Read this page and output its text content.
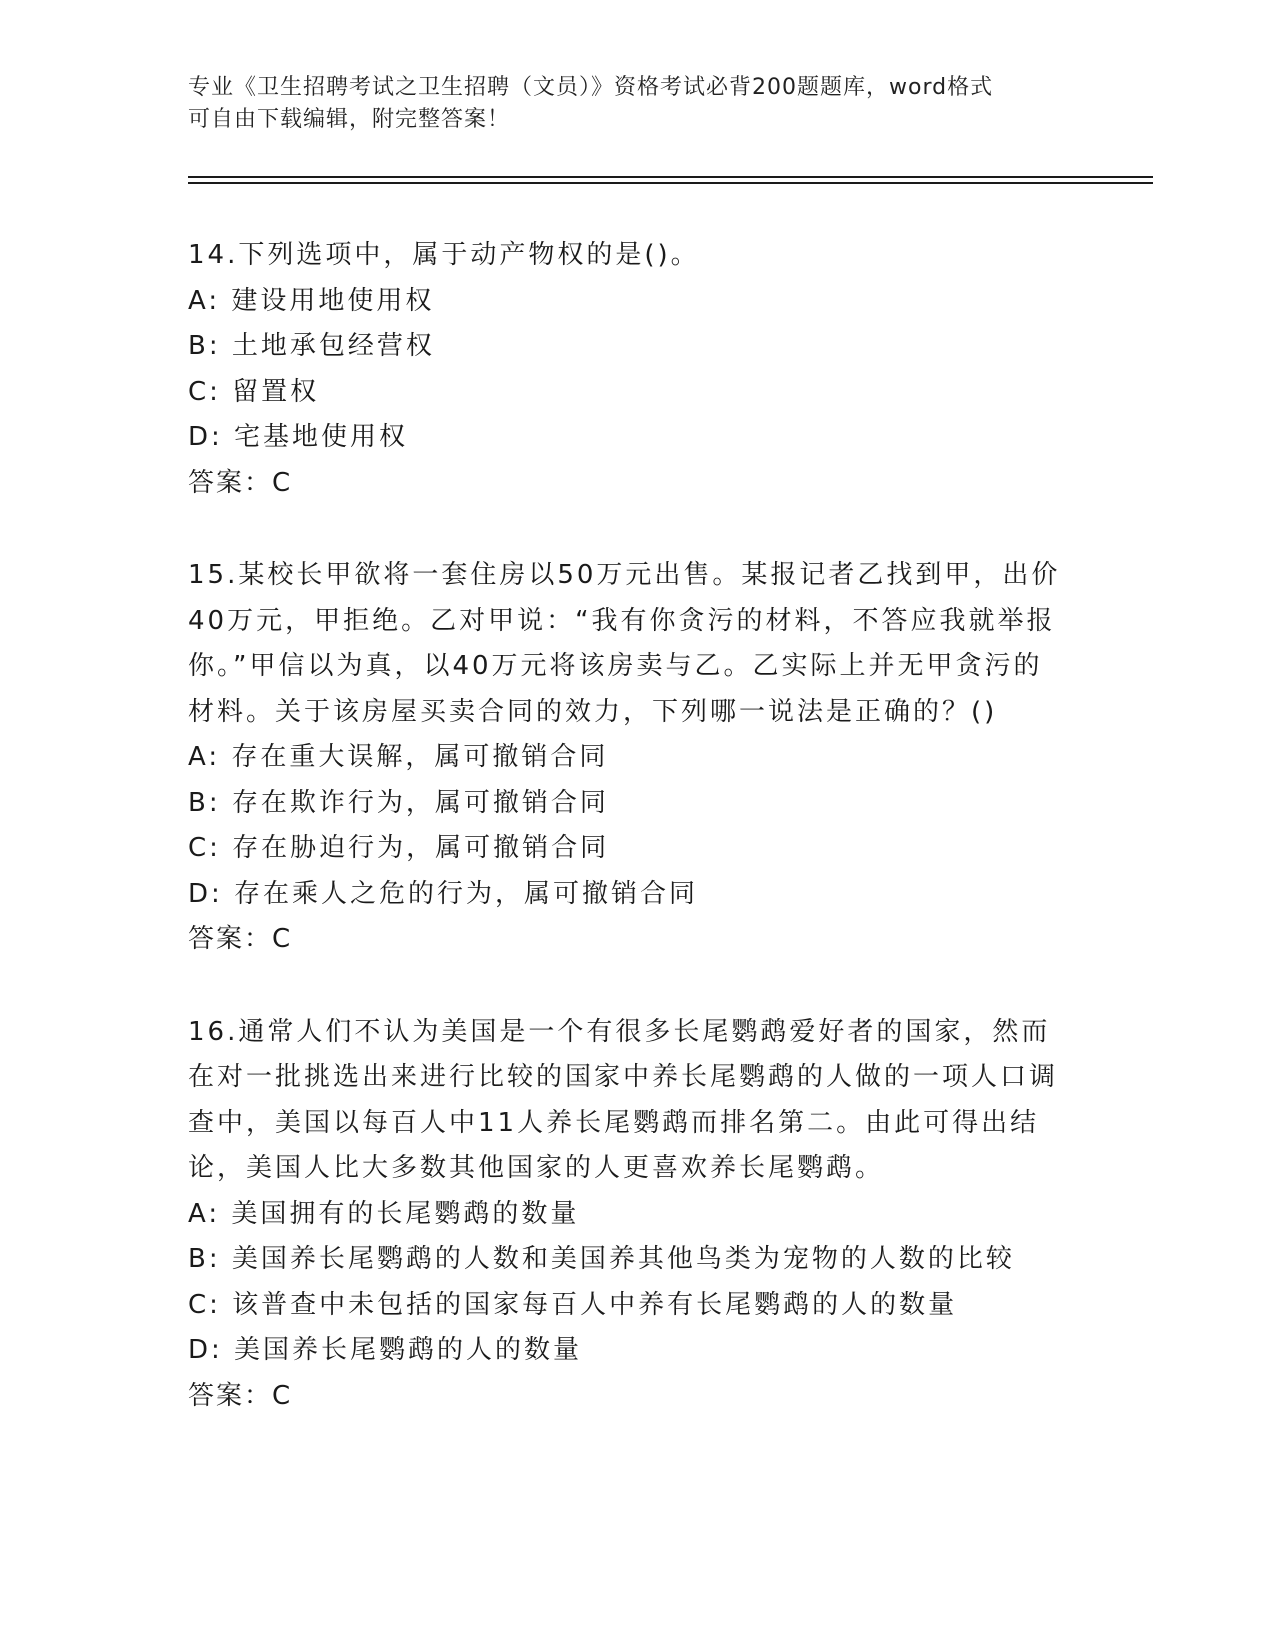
专业《卫生招聘考试之卫生招聘（文员）》资格考试必背200题题库，word格式
可自由下载编辑，附完整答案！

14.下列选项中，属于动产物权的是()。

A: 建设用地使用权

B: 土地承包经营权

C: 留置权

D: 宅基地使用权

答案：C

15.某校长甲欲将一套住房以50万元出售。某报记者乙找到甲，出价40万元，甲拒绝。乙对甲说：“我有你贪污的材料，不答应我就举报你。”甲信以为真，以40万元将该房卖与乙。乙实际上并无甲贪污的材料。关于该房屋买卖合同的效力，下列哪一说法是正确的？()

A: 存在重大误解，属可撤销合同

B: 存在欺诈行为，属可撤销合同

C: 存在胁迫行为，属可撤销合同

D: 存在乘人之危的行为，属可撤销合同

答案：C

16.通常人们不认为美国是一个有很多长尾鹦鹉爱好者的国家，然而在对一批挑选出来进行比较的国家中养长尾鹦鹉的人做的一项人口调查中，美国以每百人中11人养长尾鹦鹉而排名第二。由此可得出结论，美国人比大多数其他国家的人更喜欢养长尾鹦鹉。

A: 美国拥有的长尾鹦鹉的数量

B: 美国养长尾鹦鹉的人数和美国养其他鸟类为宠物的人数的比较

C: 该普查中未包括的国家每百人中养有长尾鹦鹉的人的数量

D: 美国养长尾鹦鹉的人的数量

答案：C
